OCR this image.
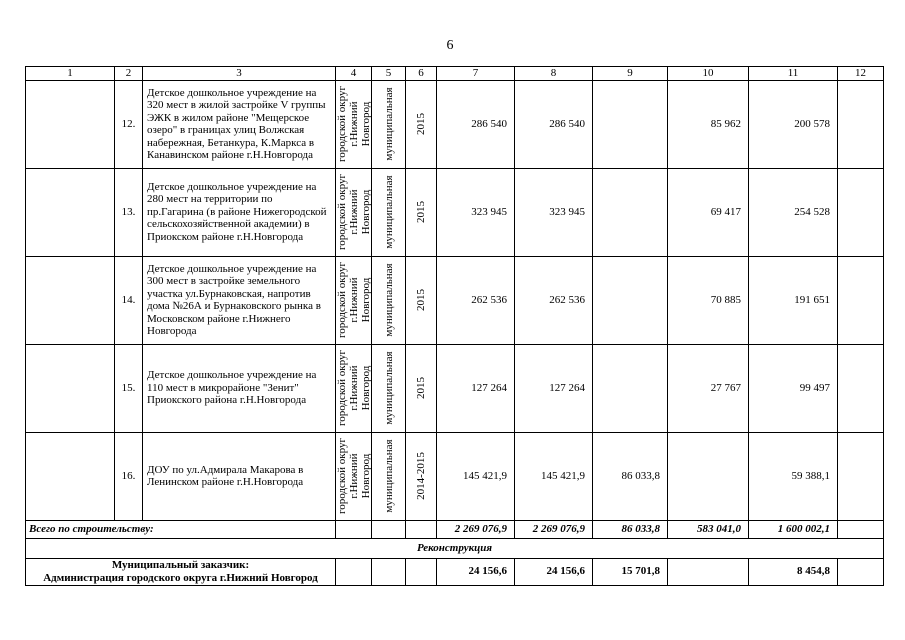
6
1	2	3	4	5	6	7	8	9	10	11	12
	12.	Детское дошкольное учреждение на 320 мест в жилой застройке V группы ЭЖК в жилом районе "Мещерское озеро" в границах улиц Волжская набережная, Бетанкура, К.Маркса в Канавинском районе г.Н.Новгорода	городской округ г.Нижний Новгород	муниципальная	2015	286 540	286 540		85 962	200 578	
	13.	Детское дошкольное учреждение на 280 мест на территории по пр.Гагарина (в районе Нижегородской сельскохозяйственной академии) в Приокском районе г.Н.Новгорода	городской округ г.Нижний Новгород	муниципальная	2015	323 945	323 945		69 417	254 528	
	14.	Детское дошкольное учреждение на 300 мест в застройке земельного участка ул.Бурнаковская, напротив дома №26А и Бурнаковского рынка в Московском районе г.Нижнего Новгорода	городской округ г.Нижний Новгород	муниципальная	2015	262 536	262 536		70 885	191 651	
	15.	Детское дошкольное учреждение на 110 мест в микрорайоне "Зенит" Приокского района г.Н.Новгорода	городской округ г.Нижний Новгород	муниципальная	2015	127 264	127 264		27 767	99 497	
	16.	ДОУ по ул.Адмирала Макарова в Ленинском районе г.Н.Новгорода	городской округ г.Нижний Новгород	муниципальная	2014-2015	145 421,9	145 421,9	86 033,8		59 388,1	
Всего по строительству:						2 269 076,9	2 269 076,9	86 033,8	583 041,0	1 600 002,1	
Реконструкция											

Муниципальный заказчик:
Администрация городского округа г.Нижний Новгород						24 156,6	24 156,6	15 701,8		8 454,8	
